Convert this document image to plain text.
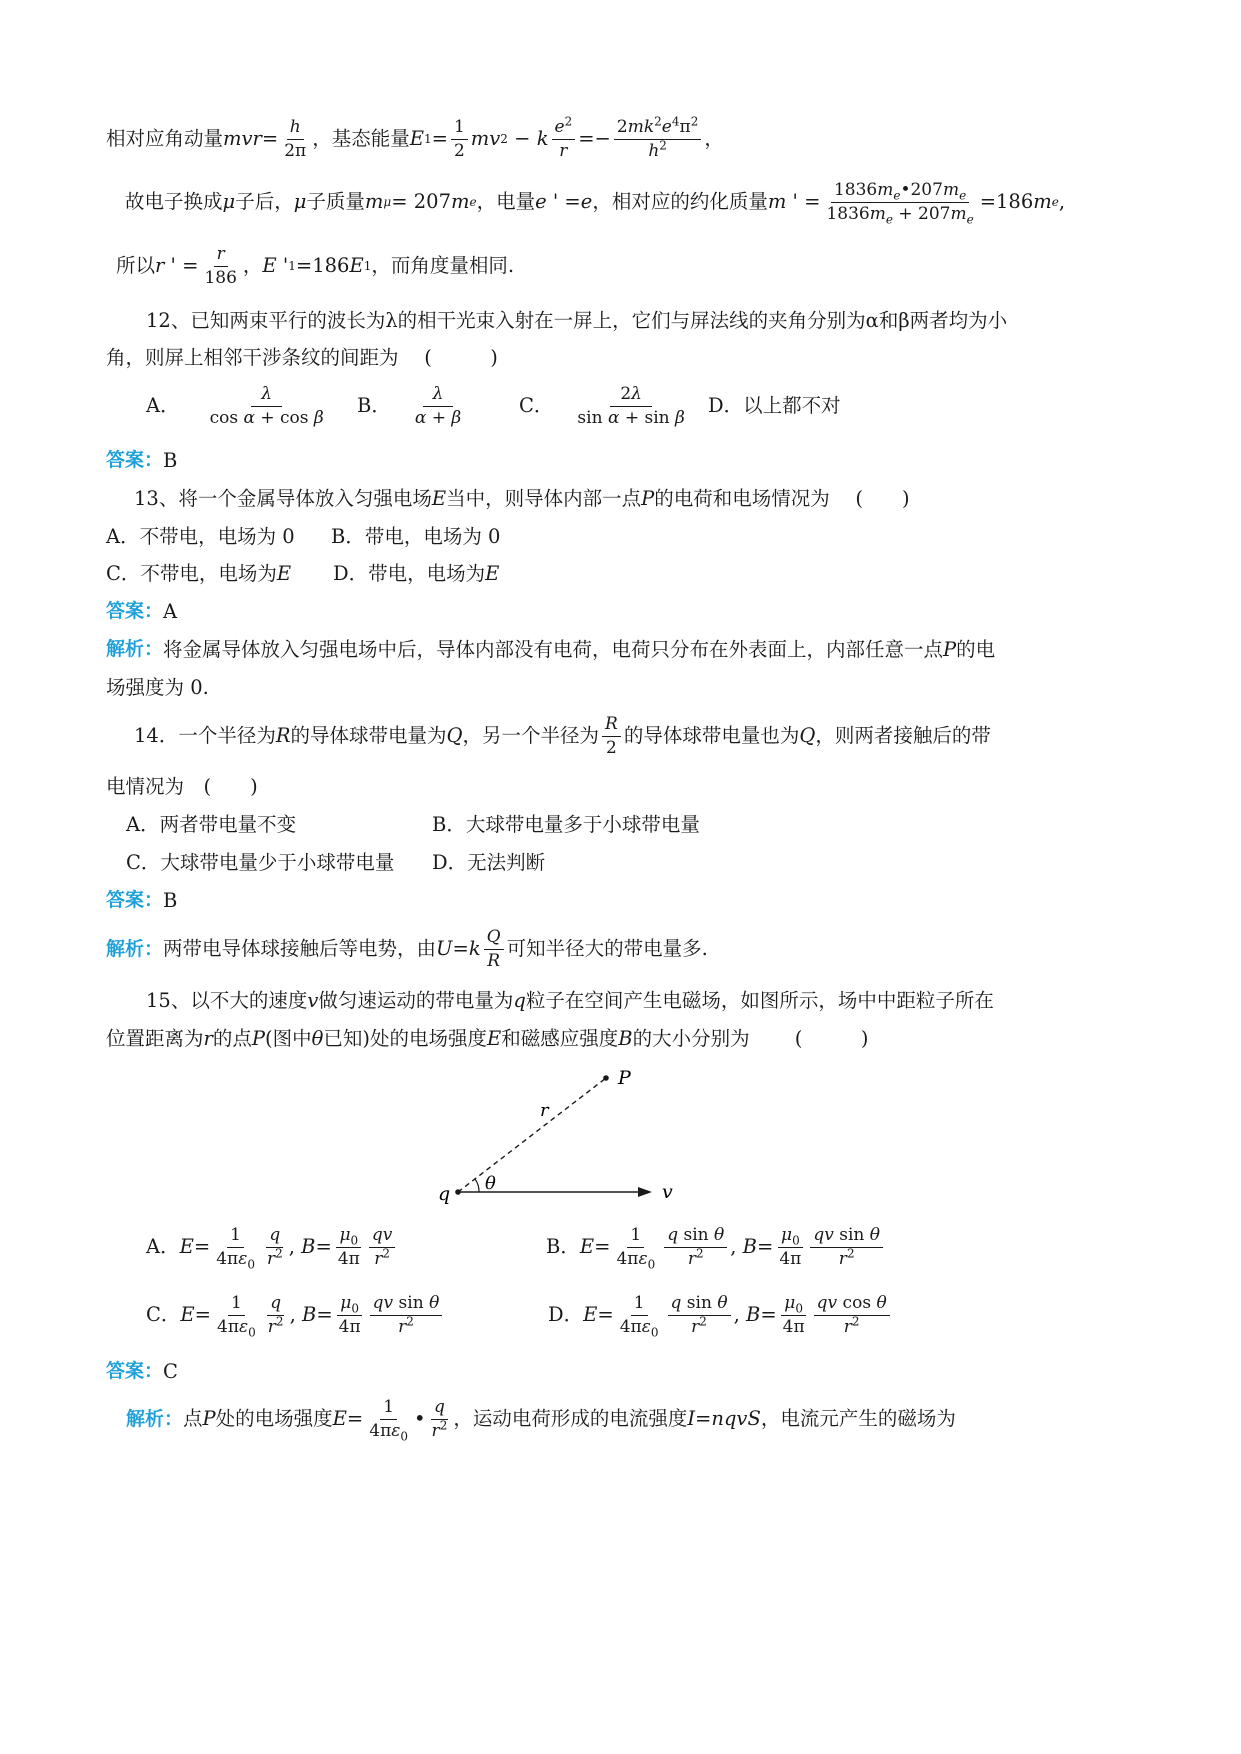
相对应角动量 mvr = $\frac{h}{2\pi}$ ，基态能量 E $1 = \frac{1}{2}$ mv 2 − k $\frac{e^2}{r} =- \frac{2mk^2e^4\pi^2}{h^2}$ ，
故电子换成 μ 子后， μ 子质量 m μ = 207 m e ，电量 e ' = e ，相对应的约化质量 m ' = $\frac{1836m_e•207m_e}{1836m_e + 207m_e} =186$ m e ,
所以 r ' = $\frac{r}{186}$ ， E ' 1 =186 E 1 ，而角度量相同.
12、已知两束平行的波长为λ的相干光束入射在一屏上，它们与屏法线的夹角分别为α和β两者均为小
角，则屏上相邻干涉条纹的间距为　 (　　　)
A． $\frac{\lambda}{\text{cos α + cos β}}$ B． $\frac{\lambda}{\alpha + \beta}$ C． $\frac{2\lambda}{\text{sin α + sin β}}$ D．以上都不对
答案： B
13、将一个金属导体放入匀强电场 E 当中，则导体内部一点 P 的电荷和电场情况为　 (　　)
A．不带电，电场为 0 B．带电，电场为 0
C．不带电，电场为 E D．带电，电场为 E
答案： A
解析： 将金属导体放入匀强电场中后，导体内部没有电荷，电荷只分布在外表面上，内部任意一点 P 的电
场强度为 0.
14．一个半径为 R 的导体球带电量为 Q ，另一个半径为 $\frac{R}{2}$ 的导体球带电量也为 Q ，则两者接触后的带
电情况为　(　　)
A．两者带电量不变	B．大球带电量多于小球带电量
C．大球带电量少于小球带电量 D．无法判断
答案： B
解析： 两带电导体球接触后等电势，由 U = k $\frac{Q}{R}$ 可知半径大的带电量多.
15、以不大的速度 v 做匀速运动的带电量为 q 粒子在空间产生电磁场，如图所示，场中中距粒子所在
位置距离为 r 的点 P (图中 θ 已知)处的电场强度 E 和磁感应强度 B 的大小分别为　　 (　　　)
P
r
q θ	v
A． $E = \frac{1}{4\pi\varepsilon_0} \frac{q}{r^2}$ , $B = \frac{\mu_0}{4\pi} \frac{qv}{r^2}$	B． $E = \frac{1}{4\pi\varepsilon_0} \frac{\text{q sin θ}}{r^2}$ , $B = \frac{\mu_0}{4\pi} \frac{\text{qv sin θ}}{r^2}$
C． $E = \frac{1}{4\pi\varepsilon_0} \frac{q}{r^2}$ , $B = \frac{\mu_0}{4\pi} \frac{\text{qv sin θ}}{r^2}$	D． $E = \frac{1}{4\pi\varepsilon_0} \frac{\text{q sin θ}}{r^2}$ , $B = \frac{\mu_0}{4\pi} \frac{\text{qv cos θ}}{r^2}$
答案： C
解析： 点 P 处的电场强度 $E = \frac{1}{4\pi\varepsilon_0}$ • $\frac{q}{r^2}$ ，运动电荷形成的电流强度 I = nqvS ，电流元产生的磁场为
